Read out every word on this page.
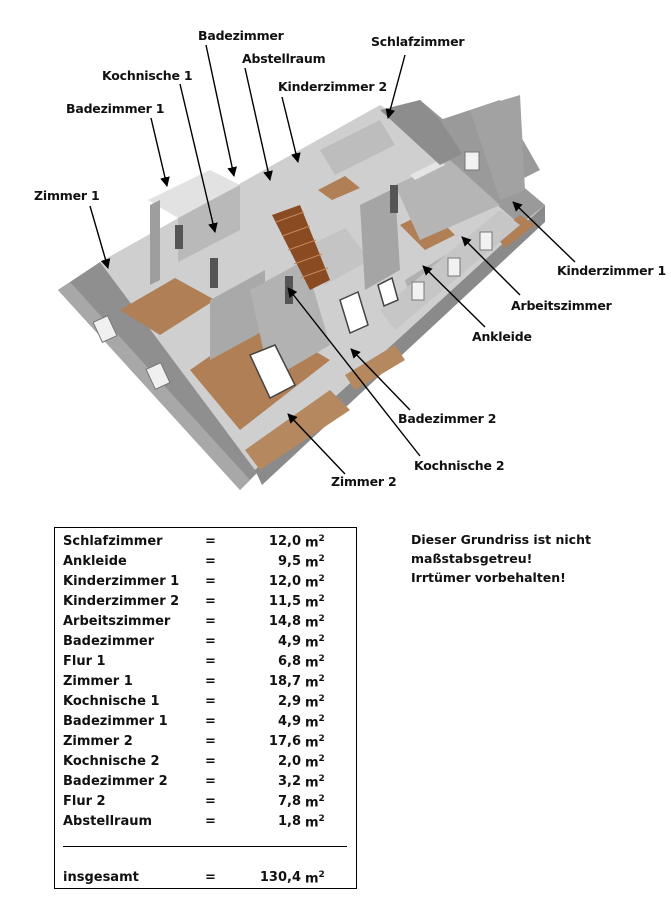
Badezimmer
Abstellraum
Kochnische 1
Schlafzimmer
Kinderzimmer 2
Badezimmer 1
Zimmer 1
Kinderzimmer 1
Arbeitszimmer
Ankleide
Badezimmer 2
Kochnische 2
Zimmer 2
Schlafzimmer	=	12,0 $m^2$
Ankleide	=	9,5 $m^2$
Kinderzimmer 1 =	12,0 $m^2$
Kinderzimmer 2 =	11,5 $m^2$
Arbeitszimmer	=	14,8 $m^2$
Badezimmer	=	4,9 $m^2$
Flur 1	=	6,8 $m^2$
Zimmer 1	=	18,7 $m^2$
Kochnische 1	=	2,9 $m^2$
Badezimmer 1	=	4,9 $m^2$
Zimmer 2	=	17,6 $m^2$
Kochnische 2	=	2,0 $m^2$
Badezimmer 2	=	3,2 $m^2$
Flur 2	=	7,8 $m^2$
Abstellraum	=	1,8 $m^2$
insgesamt	=	130,4 $m^2$
Dieser Grundriss ist nicht
maßstabsgetreu!
Irrtümer vorbehalten!
